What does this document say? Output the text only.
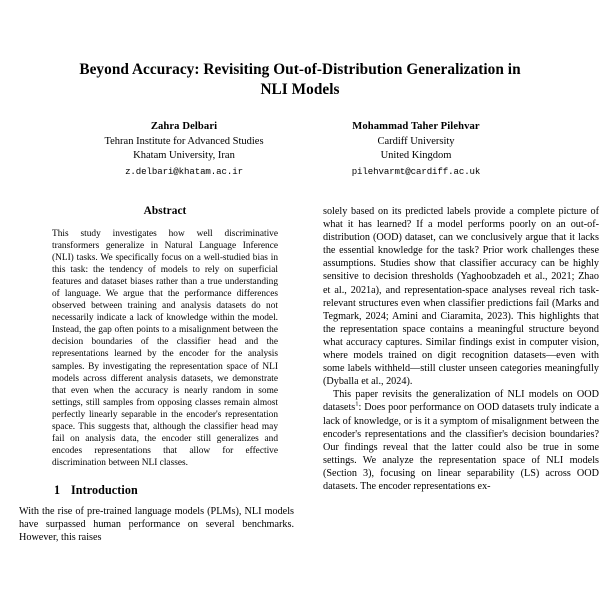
Beyond Accuracy: Revisiting Out-of-Distribution Generalization in NLI Models
Zahra Delbari
Tehran Institute for Advanced Studies
Khatam University, Iran
z.delbari@khatam.ac.ir
Mohammad Taher Pilehvar
Cardiff University
United Kingdom
pilehvarmt@cardiff.ac.uk
Abstract

This study investigates how well discriminative transformers generalize in Natural Language Inference (NLI) tasks. We specifically focus on a well-studied bias in this task: the tendency of models to rely on superficial features and dataset biases rather than a true understanding of language. We argue that the performance differences observed between training and analysis datasets do not necessarily indicate a lack of knowledge within the model. Instead, the gap often points to a misalignment between the decision boundaries of the classifier head and the representations learned by the encoder for the analysis samples. By investigating the representation space of NLI models across different analysis datasets, we demonstrate that even when the accuracy is nearly random in some settings, still samples from opposing classes remain almost perfectly linearly separable in the encoder's representation space. This suggests that, although the classifier head may fail on analysis data, the encoder still generalizes and encodes representations that allow for effective discrimination between NLI classes.

1 Introduction

With the rise of pre-trained language models (PLMs), NLI models have surpassed human performance on several benchmarks. However, this raises

solely based on its predicted labels provide a complete picture of what it has learned? If a model performs poorly on an out-of-distribution (OOD) dataset, can we conclusively argue that it lacks the essential knowledge for the task? Prior work challenges these assumptions. Studies show that classifier accuracy can be highly sensitive to decision thresholds (Yaghoobzadeh et al., 2021; Zhao et al., 2021a), and representation-space analyses reveal rich task-relevant structures even when classifier predictions fail (Marks and Tegmark, 2024; Amini and Ciaramita, 2023). This highlights that the representation space contains a meaningful structure beyond what accuracy captures. Similar findings exist in computer vision, where models trained on digit recognition datasets—even with some labels withheld—still cluster unseen categories meaningfully (Dyballa et al., 2024).

This paper revisits the generalization of NLI models on OOD datasets$^1$: Does poor performance on OOD datasets truly indicate a lack of knowledge, or is it a symptom of misalignment between the encoder's representations and the classifier's decision boundaries? Our findings reveal that the latter could also be true in some settings. We analyze the representation space of NLI models (Section 3), focusing on linear separability (LS) across OOD datasets. The encoder representations ex-
